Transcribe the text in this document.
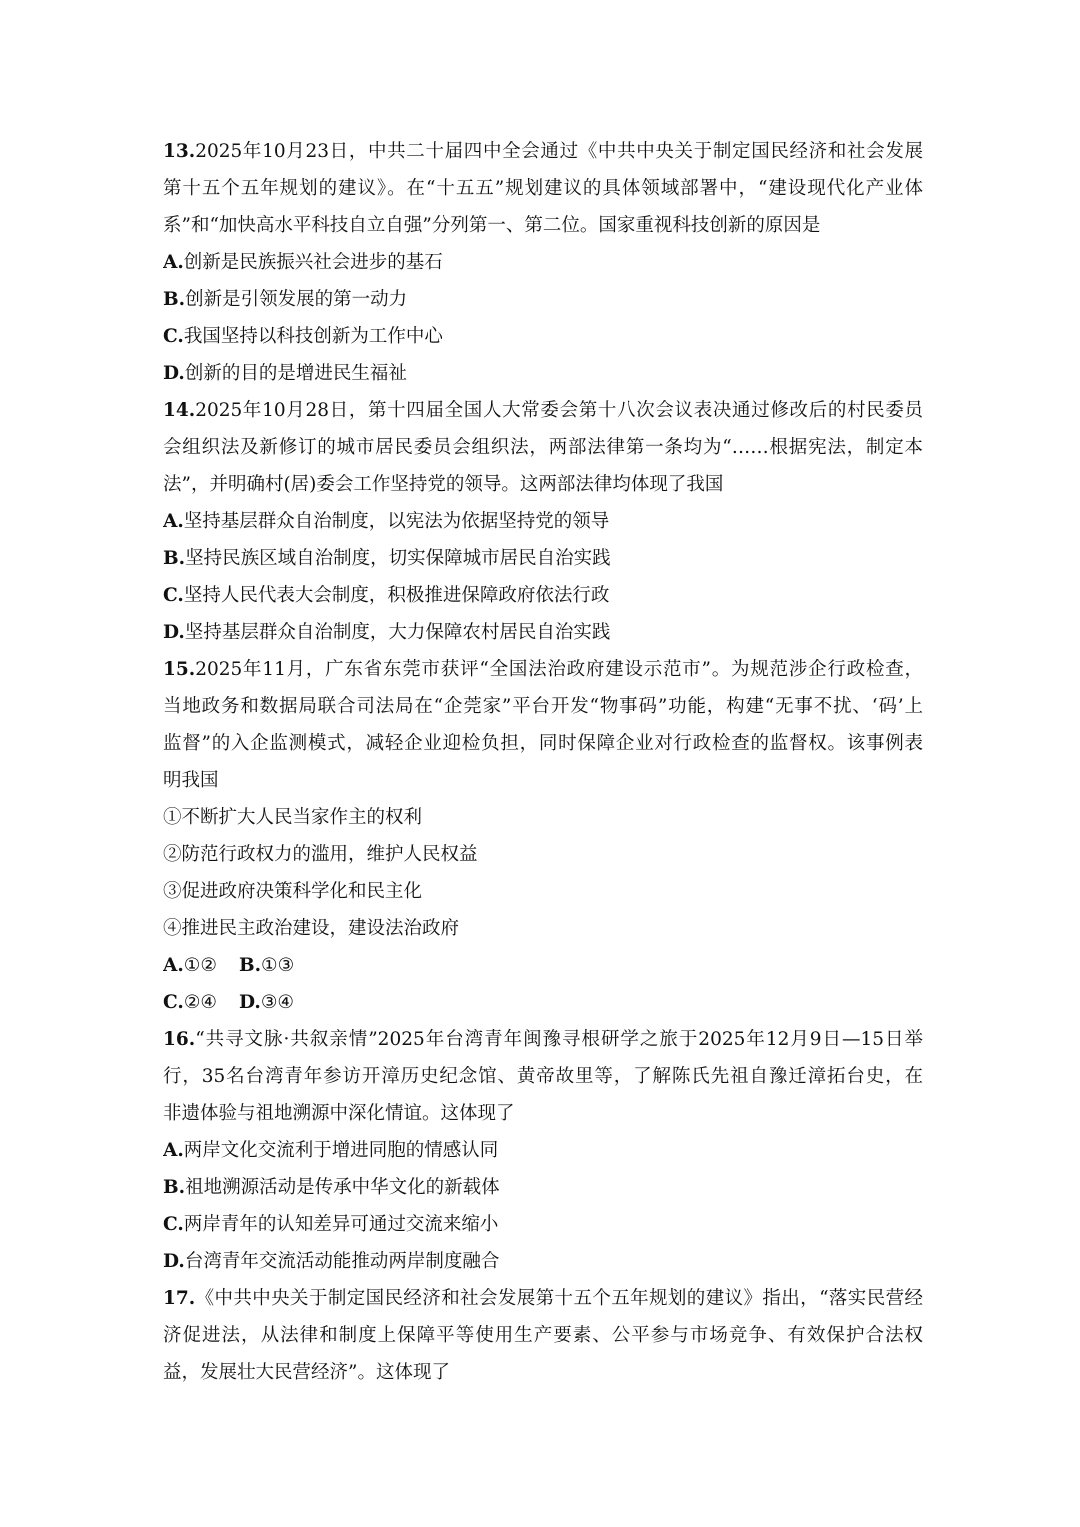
13.2025年10月23日，中共二十届四中全会通过《中共中央关于制定国民经济和社会发展
第十五个五年规划的建议》。在“十五五”规划建议的具体领域部署中，“建设现代化产业体
系”和“加快高水平科技自立自强”分列第一、第二位。国家重视科技创新的原因是
A.创新是民族振兴社会进步的基石
B.创新是引领发展的第一动力
C.我国坚持以科技创新为工作中心
D.创新的目的是增进民生福祉
14.2025年10月28日，第十四届全国人大常委会第十八次会议表决通过修改后的村民委员
会组织法及新修订的城市居民委员会组织法，两部法律第一条均为“……根据宪法，制定本
法”，并明确村(居)委会工作坚持党的领导。这两部法律均体现了我国
A.坚持基层群众自治制度，以宪法为依据坚持党的领导
B.坚持民族区域自治制度，切实保障城市居民自治实践
C.坚持人民代表大会制度，积极推进保障政府依法行政
D.坚持基层群众自治制度，大力保障农村居民自治实践
15.2025年11月，广东省东莞市获评“全国法治政府建设示范市”。为规范涉企行政检查，
当地政务和数据局联合司法局在“企莞家”平台开发“物事码”功能，构建“无事不扰、‘码’上
监督”的入企监测模式，减轻企业迎检负担，同时保障企业对行政检查的监督权。该事例表
明我国
①不断扩大人民当家作主的权利
②防范行政权力的滥用，维护人民权益
③促进政府决策科学化和民主化
④推进民主政治建设，建设法治政府
A.①② B.①③
C.②④ D.③④
16.“共寻文脉·共叙亲情”2025年台湾青年闽豫寻根研学之旅于2025年12月9日—15日举
行，35名台湾青年参访开漳历史纪念馆、黄帝故里等，了解陈氏先祖自豫迁漳拓台史，在
非遗体验与祖地溯源中深化情谊。这体现了
A.两岸文化交流利于增进同胞的情感认同
B.祖地溯源活动是传承中华文化的新载体
C.两岸青年的认知差异可通过交流来缩小
D.台湾青年交流活动能推动两岸制度融合
17.《中共中央关于制定国民经济和社会发展第十五个五年规划的建议》指出，“落实民营经
济促进法，从法律和制度上保障平等使用生产要素、公平参与市场竞争、有效保护合法权
益，发展壮大民营经济”。这体现了
